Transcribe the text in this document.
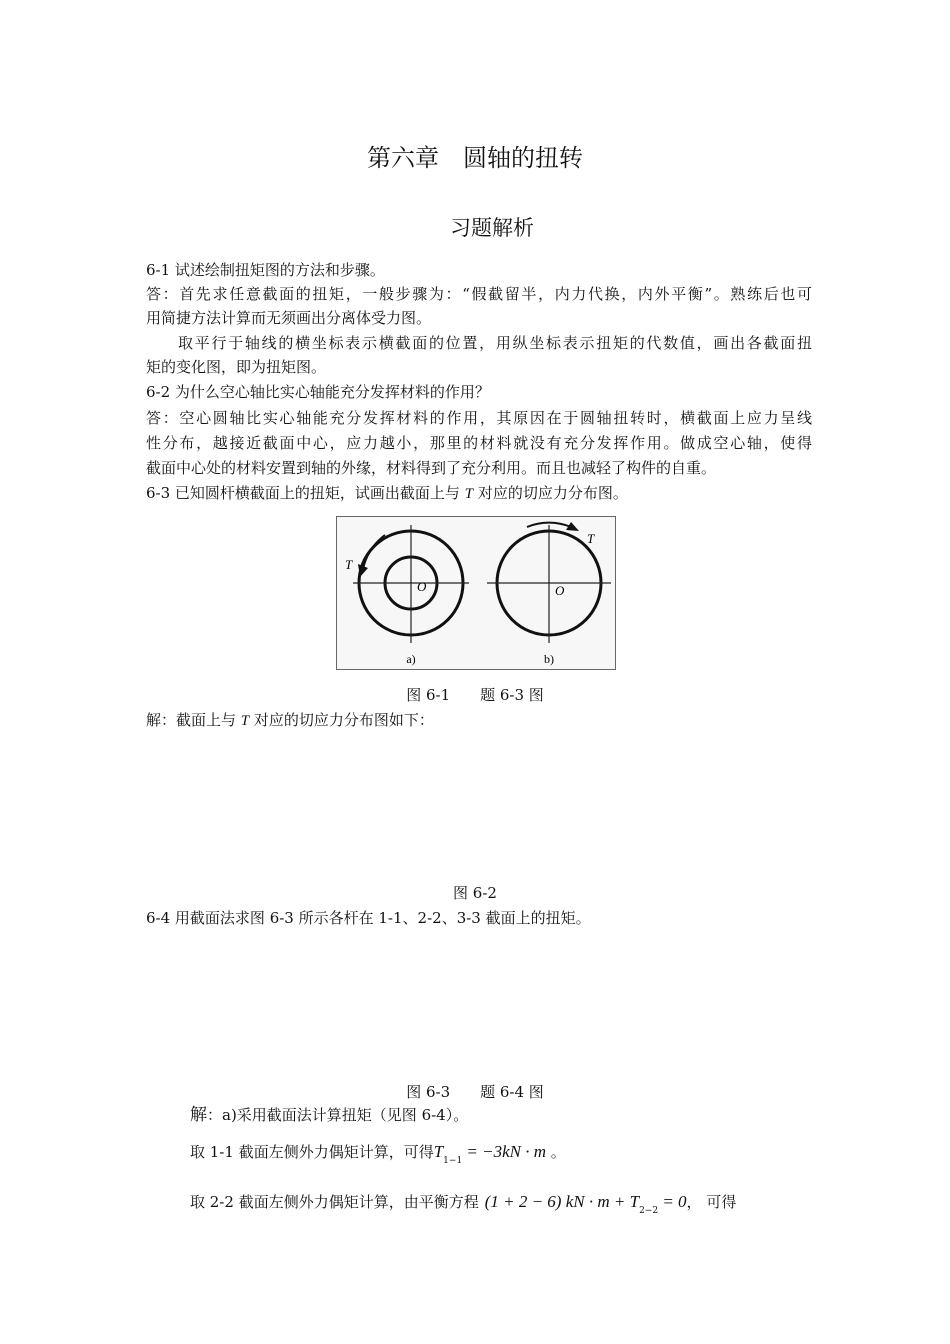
第六章　圆轴的扭转
习题解析
6-1 试述绘制扭矩图的方法和步骤。
答：首先求任意截面的扭矩，一般步骤为：“假截留半，内力代换，内外平衡”。熟练后也可
用简捷方法计算而无须画出分离体受力图。
取平行于轴线的横坐标表示横截面的位置，用纵坐标表示扭矩的代数值，画出各截面扭
矩的变化图，即为扭矩图。
6-2 为什么空心轴比实心轴能充分发挥材料的作用？
答：空心圆轴比实心轴能充分发挥材料的作用，其原因在于圆轴扭转时，横截面上应力呈线
性分布，越接近截面中心，应力越小，那里的材料就没有充分发挥作用。做成空心轴，使得
截面中心处的材料安置到轴的外缘，材料得到了充分利用。而且也减轻了构件的自重。
6-3 已知圆杆横截面上的扭矩，试画出截面上与 T 对应的切应力分布图。
T
O
a)
T
O
b)
图 6-1　　题 6-3 图
解：截面上与 T 对应的切应力分布图如下：
图 6-2
6-4 用截面法求图 6-3 所示各杆在 1-1、2-2、3-3 截面上的扭矩。
图 6-3　　题 6-4 图
解：a)采用截面法计算扭矩（见图 6-4）。
取 1-1 截面左侧外力偶矩计算，可得$T_{1-1} = -3kN \cdot m$ 。
取 2-2 截面左侧外力偶矩计算，由平衡方程 (1 + 2 − 6) kN · $m + T_{2-2} = 0$， 可得
